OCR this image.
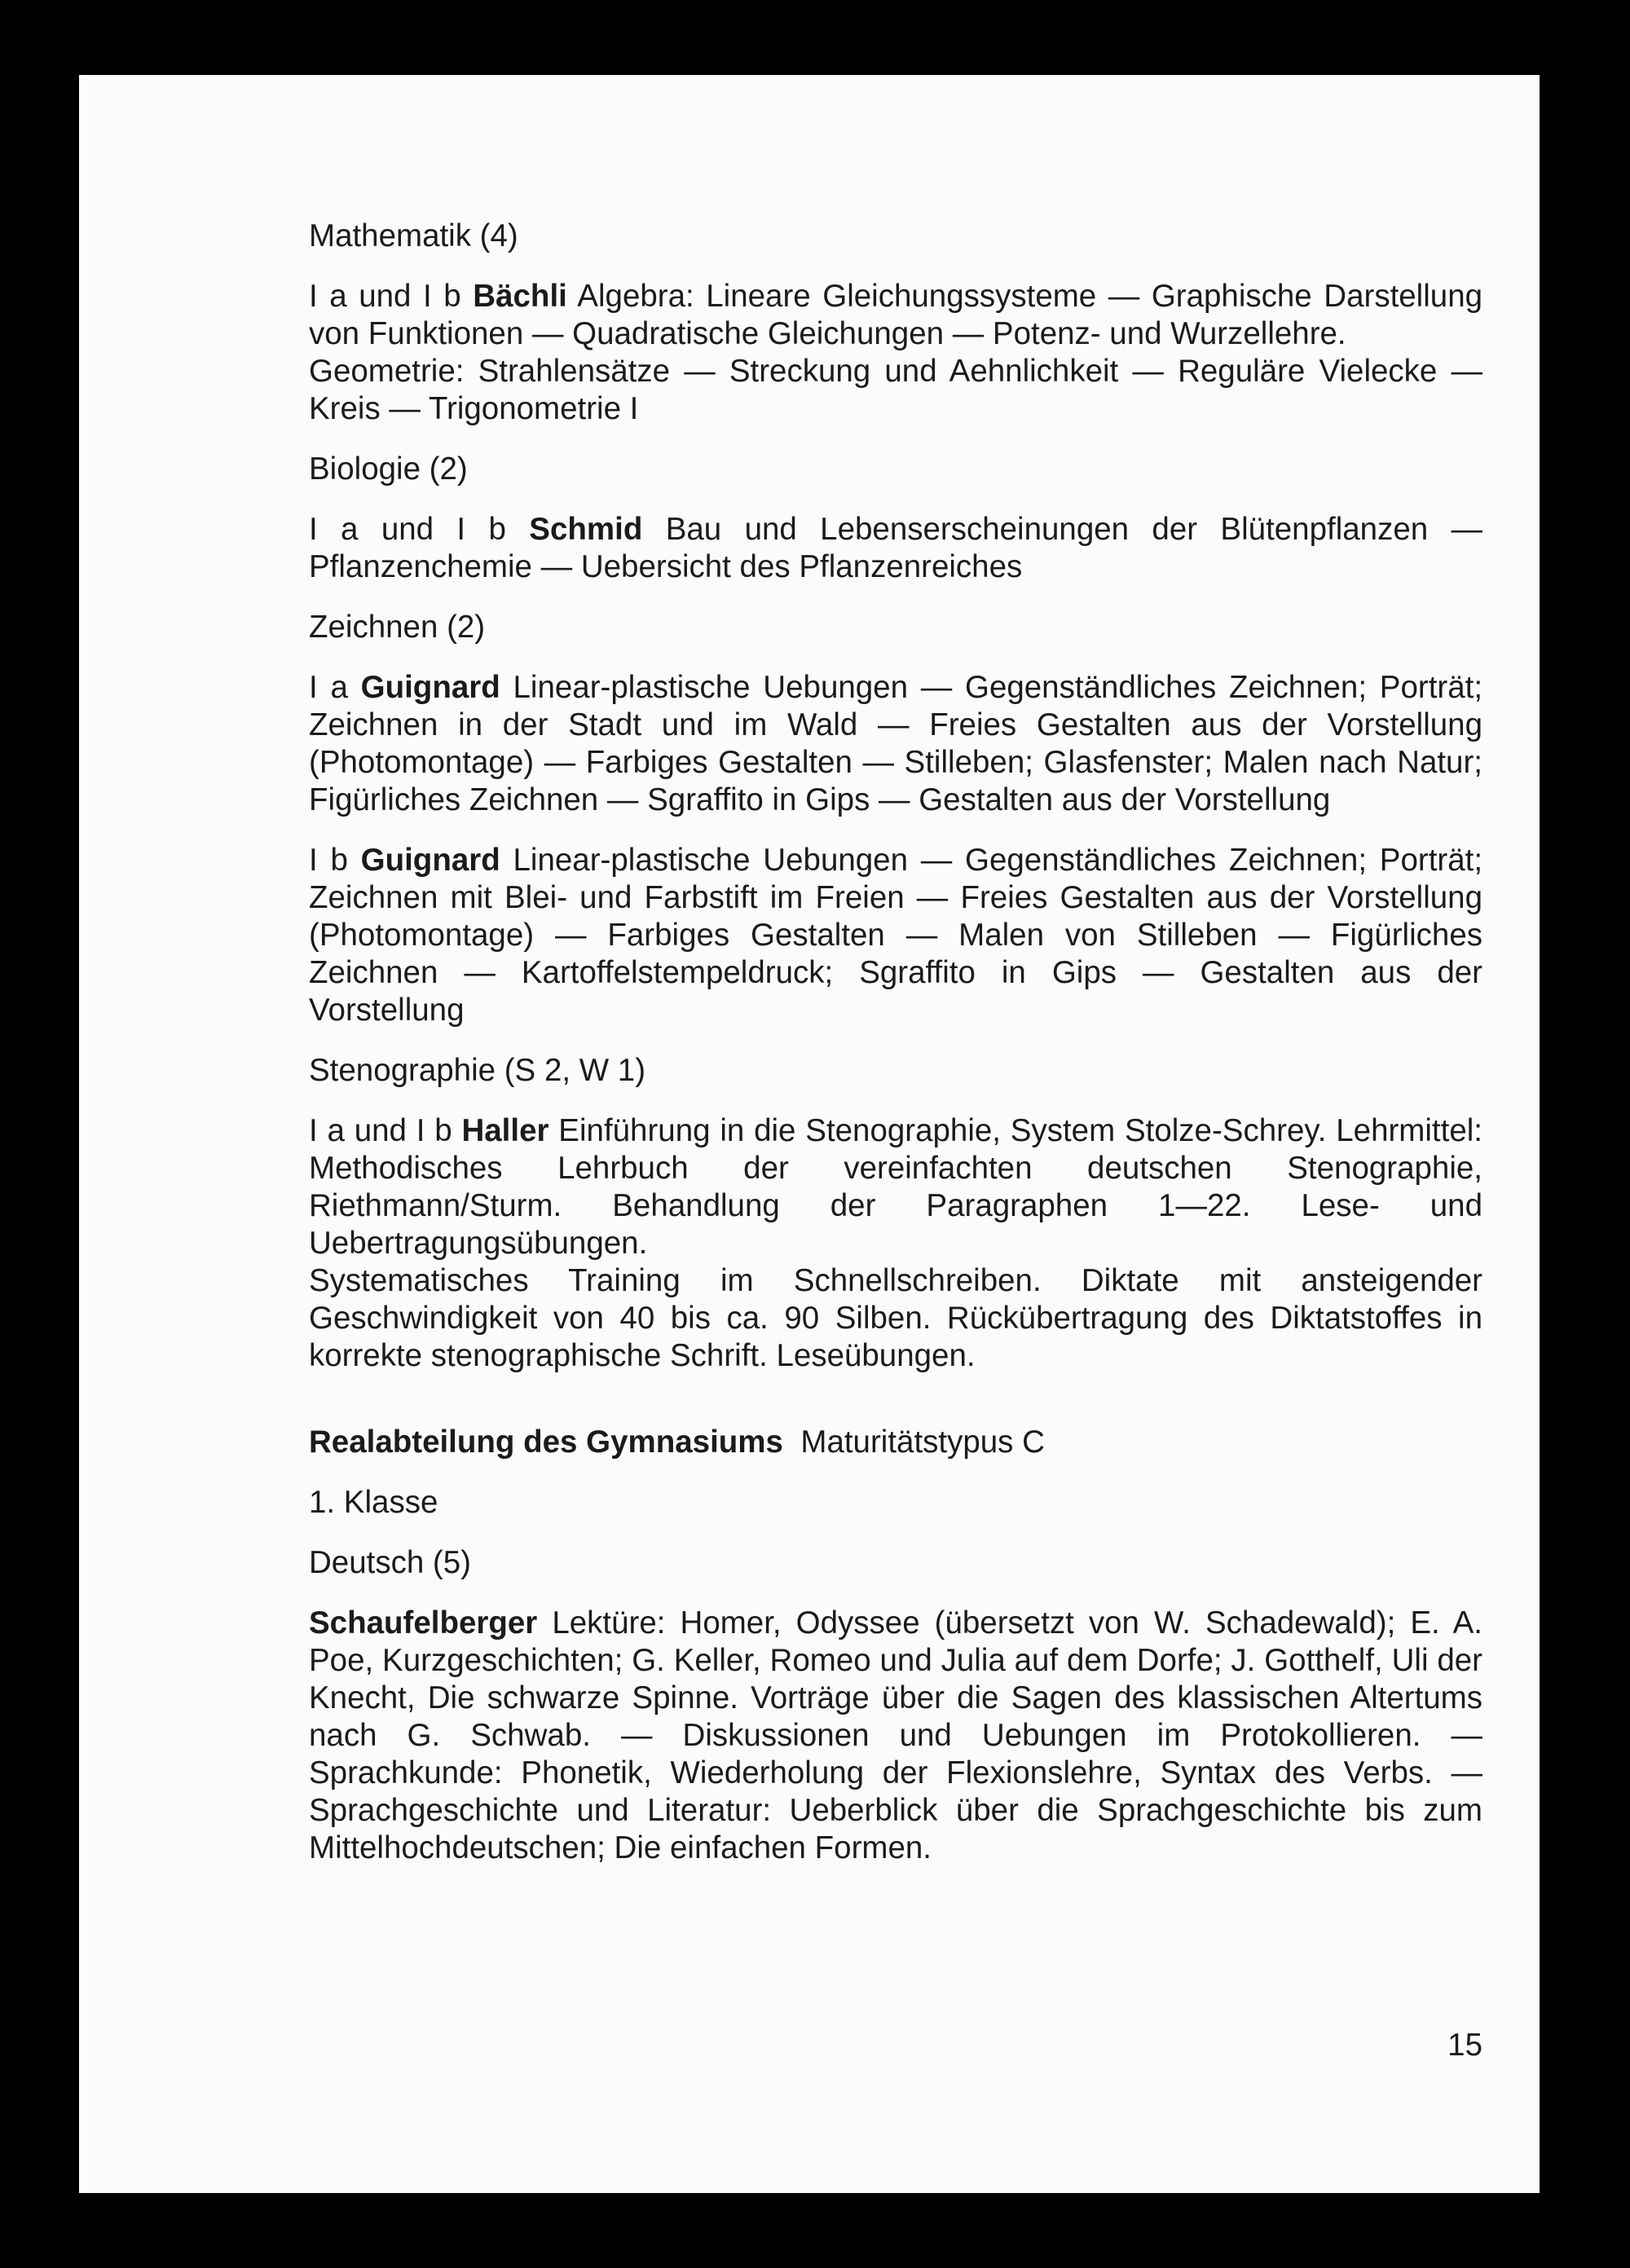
Mathematik (4)

I a und I b Bächli Algebra: Lineare Gleichungssysteme — Graphische Darstellung von Funktionen — Quadratische Gleichungen — Potenz- und Wurzellehre.

Geometrie: Strahlensätze — Streckung und Aehnlichkeit — Reguläre Vielecke — Kreis — Trigonometrie I

Biologie (2)

I a und I b Schmid Bau und Lebenserscheinungen der Blütenpflanzen — Pflanzenchemie — Uebersicht des Pflanzenreiches

Zeichnen (2)

I a Guignard Linear-plastische Uebungen — Gegenständliches Zeichnen; Porträt; Zeichnen in der Stadt und im Wald — Freies Gestalten aus der Vorstellung (Photomontage) — Farbiges Gestalten — Stilleben; Glasfenster; Malen nach Natur; Figürliches Zeichnen — Sgraffito in Gips — Gestalten aus der Vorstellung

I b Guignard Linear-plastische Uebungen — Gegenständliches Zeichnen; Porträt; Zeichnen mit Blei- und Farbstift im Freien — Freies Gestalten aus der Vorstellung (Photomontage) — Farbiges Gestalten — Malen von Stilleben — Figürliches Zeichnen — Kartoffelstempeldruck; Sgraffito in Gips — Gestalten aus der Vorstellung

Stenographie (S 2, W 1)

I a und I b Haller Einführung in die Stenographie, System Stolze-Schrey. Lehrmittel: Methodisches Lehrbuch der vereinfachten deutschen Stenographie, Riethmann/Sturm. Behandlung der Paragraphen 1—22. Lese- und Uebertragungsübungen.

Systematisches Training im Schnellschreiben. Diktate mit ansteigender Geschwindigkeit von 40 bis ca. 90 Silben. Rückübertragung des Diktatstoffes in korrekte stenographische Schrift. Leseübungen.

Realabteilung des Gymnasiums Maturitätstypus C

1. Klasse

Deutsch (5)

Schaufelberger Lektüre: Homer, Odyssee (übersetzt von W. Schadewald); E. A. Poe, Kurzgeschichten; G. Keller, Romeo und Julia auf dem Dorfe; J. Gotthelf, Uli der Knecht, Die schwarze Spinne. Vorträge über die Sagen des klassischen Altertums nach G. Schwab. — Diskussionen und Uebungen im Protokollieren. — Sprachkunde: Phonetik, Wiederholung der Flexionslehre, Syntax des Verbs. — Sprachgeschichte und Literatur: Ueberblick über die Sprachgeschichte bis zum Mittelhochdeutschen; Die einfachen Formen.

15
